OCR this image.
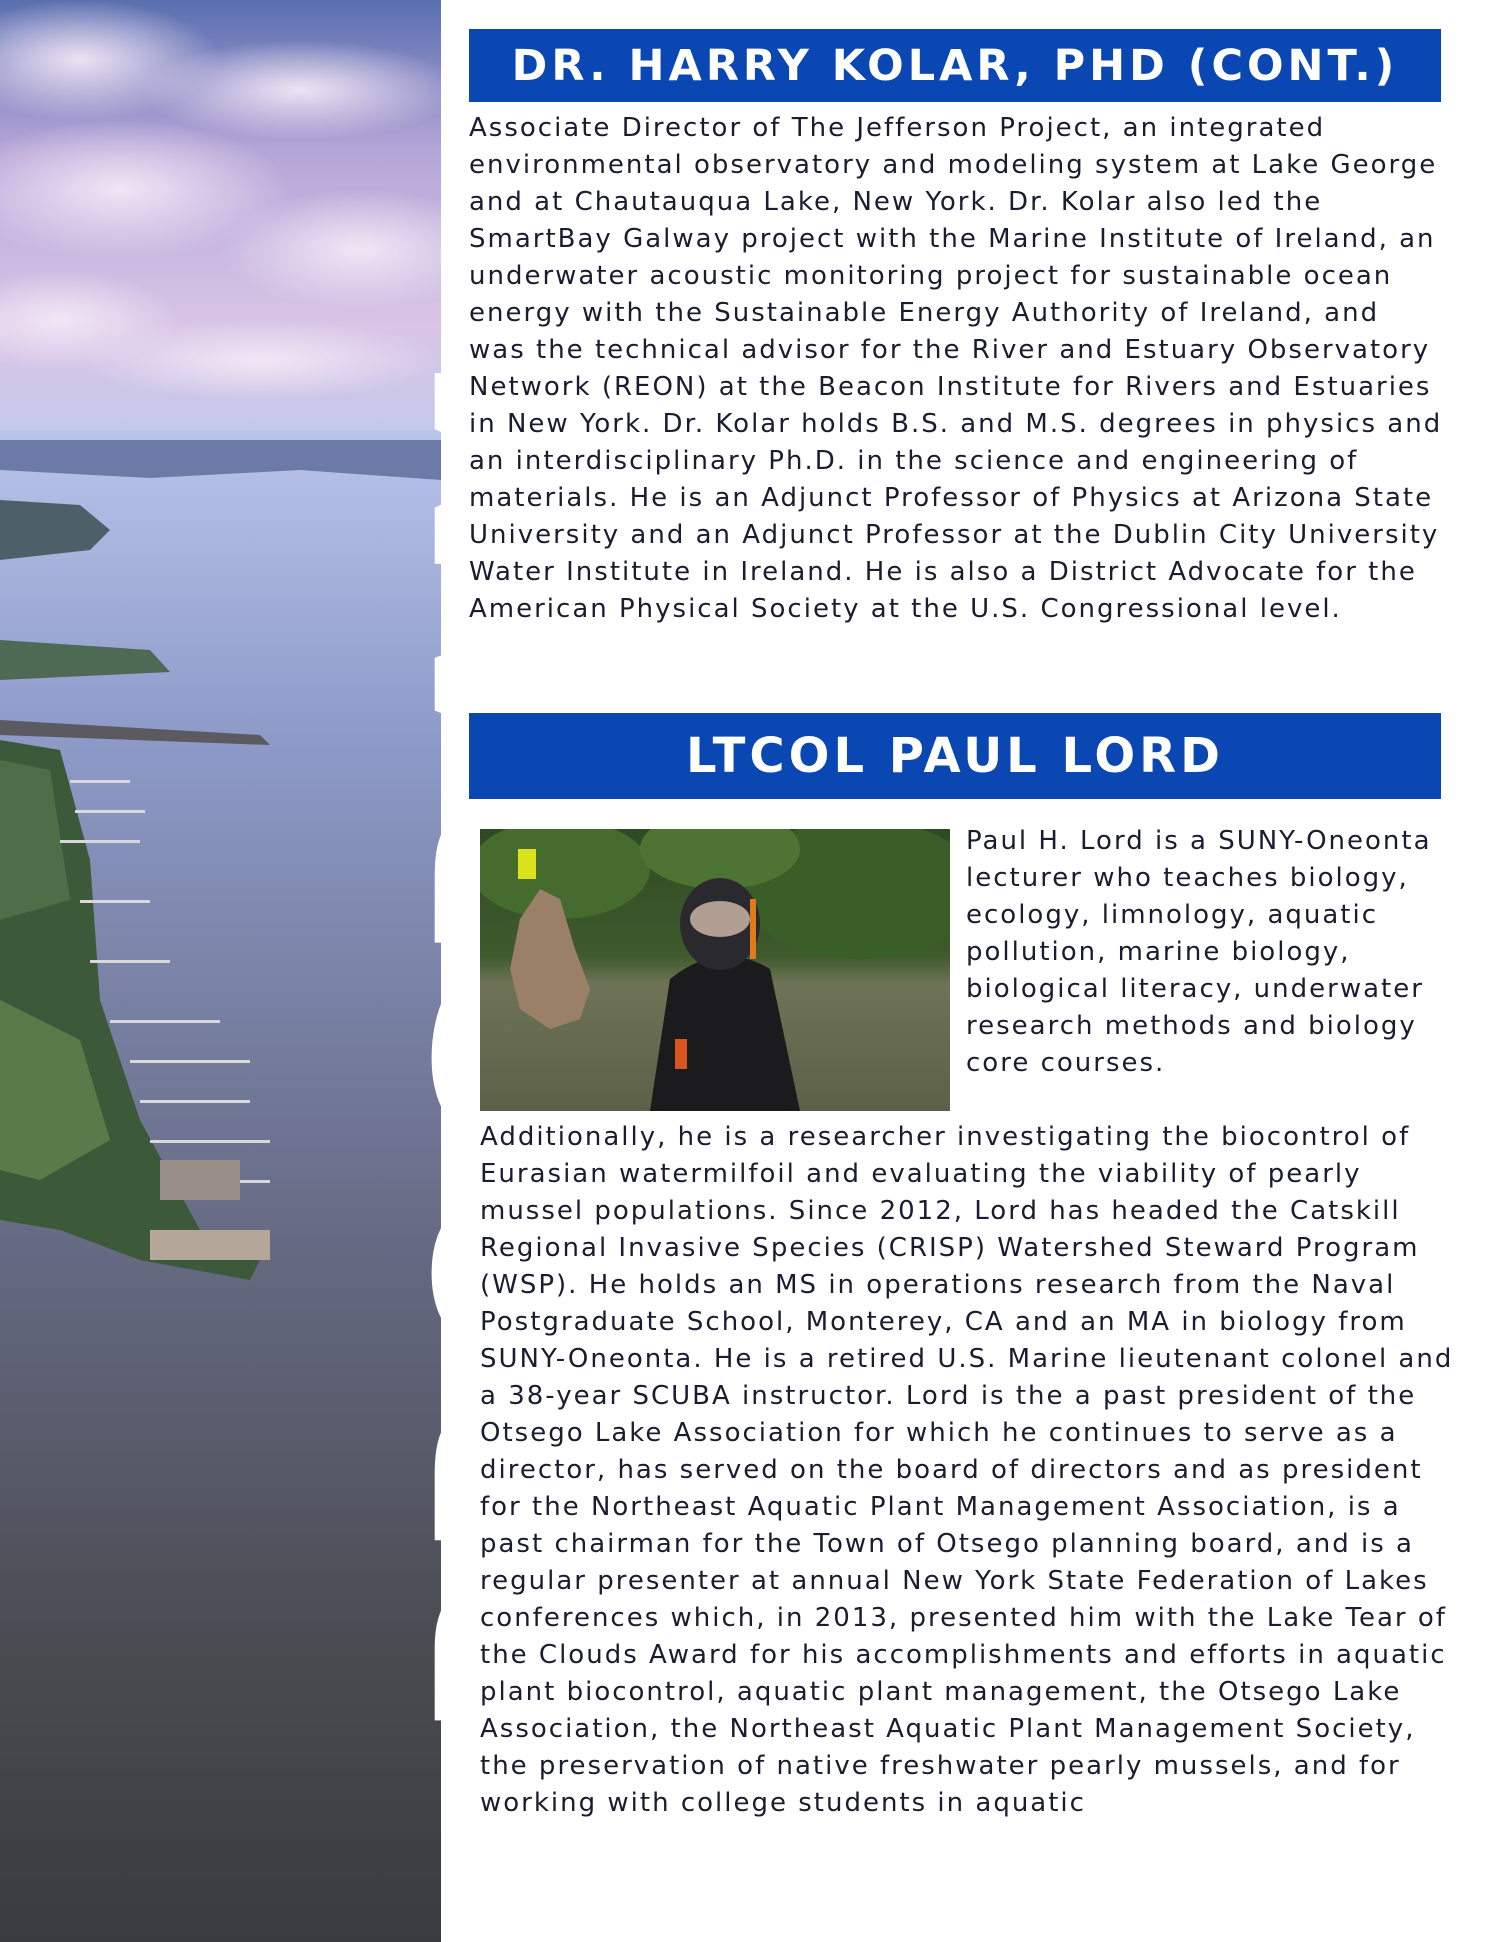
DR. HARRY KOLAR, PHD (CONT.)

Associate Director of The Jefferson Project, an integrated environmental observatory and modeling system at Lake George and at Chautauqua Lake, New York. Dr. Kolar also led the SmartBay Galway project with the Marine Institute of Ireland, an underwater acoustic monitoring project for sustainable ocean energy with the Sustainable Energy Authority of Ireland, and was the technical advisor for the River and Estuary Observatory Network (REON) at the Beacon Institute for Rivers and Estuaries in New York. Dr. Kolar holds B.S. and M.S. degrees in physics and an interdisciplinary Ph.D. in the science and engineering of materials. He is an Adjunct Professor of Physics at Arizona State University and an Adjunct Professor at the Dublin City University Water Institute in Ireland. He is also a District Advocate for the American Physical Society at the U.S. Congressional level.

LTCOL PAUL LORD

Paul H. Lord is a SUNY-Oneonta lecturer who teaches biology, ecology, limnology, aquatic pollution, marine biology, biological literacy, underwater research methods and biology core courses.

Additionally, he is a researcher investigating the biocontrol of Eurasian watermilfoil and evaluating the viability of pearly mussel populations. Since 2012, Lord has headed the Catskill Regional Invasive Species (CRISP) Watershed Steward Program (WSP). He holds an MS in operations research from the Naval Postgraduate School, Monterey, CA and an MA in biology from SUNY-Oneonta. He is a retired U.S. Marine lieutenant colonel and a 38-year SCUBA instructor. Lord is the a past president of the Otsego Lake Association for which he continues to serve as a director, has served on the board of directors and as president for the Northeast Aquatic Plant Management Association, is a past chairman for the Town of Otsego planning board, and is a regular presenter at annual New York State Federation of Lakes conferences which, in 2013, presented him with the Lake Tear of the Clouds Award for his accomplishments and efforts in aquatic plant biocontrol, aquatic plant management, the Otsego Lake Association, the Northeast Aquatic Plant Management Society, the preservation of native freshwater pearly mussels, and for working with college students in aquatic
